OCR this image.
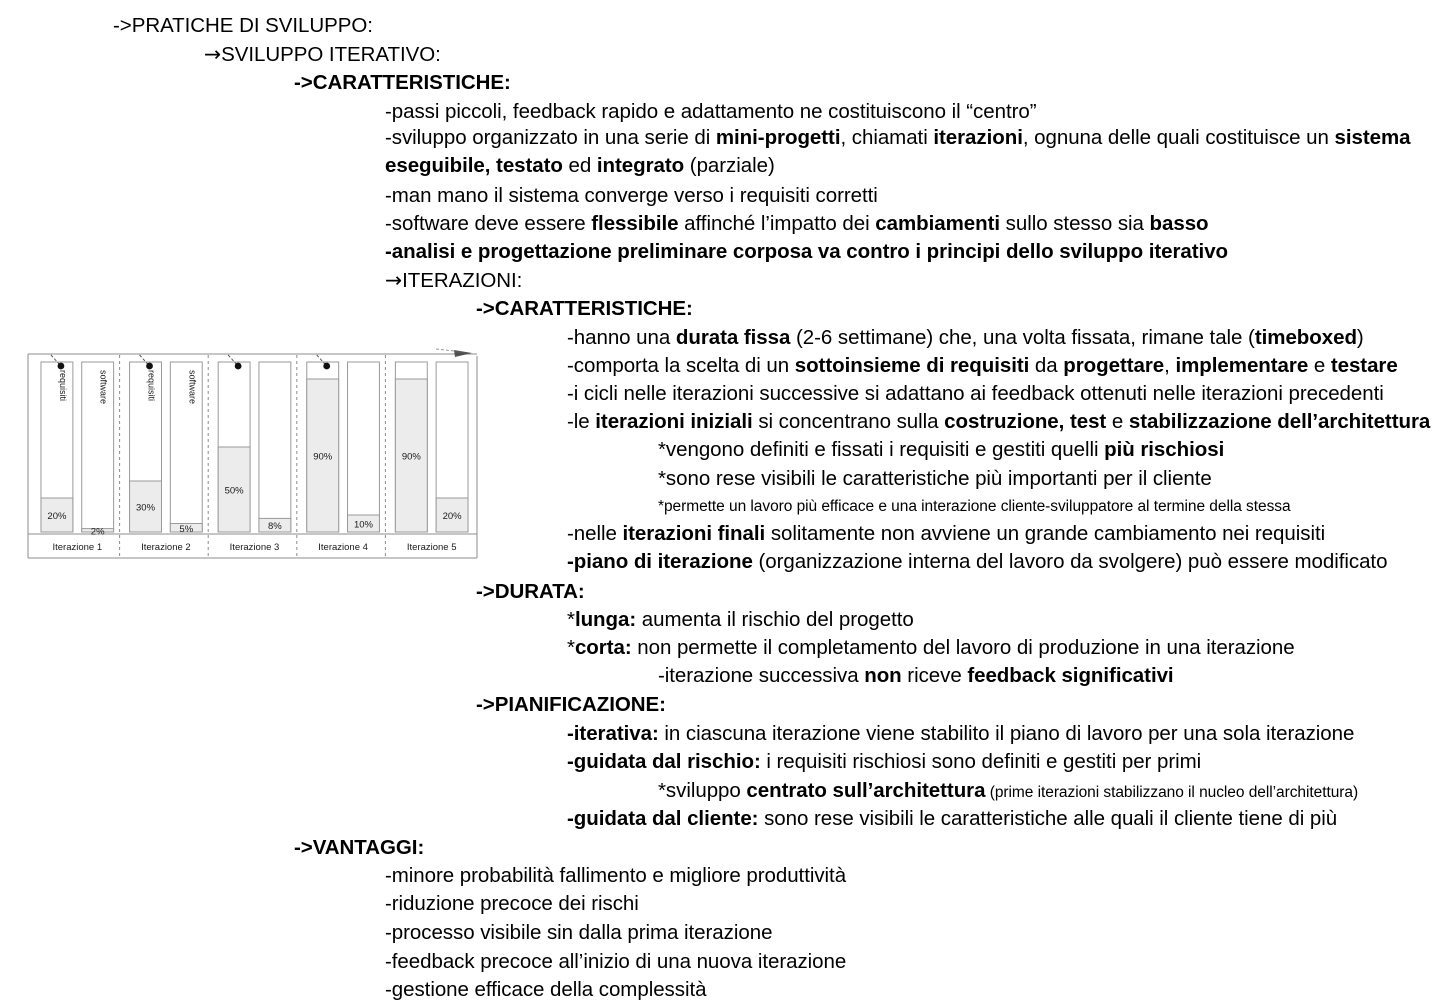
->PRATICHE DI SVILUPPO:
→SVILUPPO ITERATIVO:
->CARATTERISTICHE:
-passi piccoli, feedback rapido e adattamento ne costituiscono il “centro”
-sviluppo organizzato in una serie di mini-progetti, chiamati iterazioni, ognuna delle quali costituisce un sistema
eseguibile, testato ed integrato (parziale)
-man mano il sistema converge verso i requisiti corretti
-software deve essere flessibile affinché l’impatto dei cambiamenti sullo stesso sia basso
-analisi e progettazione preliminare corposa va contro i principi dello sviluppo iterativo
→ITERAZIONI:
->CARATTERISTICHE:
-hanno una durata fissa (2-6 settimane) che, una volta fissata, rimane tale (timeboxed)
-comporta la scelta di un sottoinsieme di requisiti da progettare, implementare e testare
-i cicli nelle iterazioni successive si adattano ai feedback ottenuti nelle iterazioni precedenti
-le iterazioni iniziali si concentrano sulla costruzione, test e stabilizzazione dell’architettura
*vengono definiti e fissati i requisiti e gestiti quelli più rischiosi
*sono rese visibili le caratteristiche più importanti per il cliente
*permette un lavoro più efficace e una interazione cliente-sviluppatore al termine della stessa
-nelle iterazioni finali solitamente non avviene un grande cambiamento nei requisiti
-piano di iterazione (organizzazione interna del lavoro da svolgere) può essere modificato
->DURATA:
*lunga: aumenta il rischio del progetto
*corta: non permette il completamento del lavoro di produzione in una iterazione
-iterazione successiva non riceve feedback significativi
->PIANIFICAZIONE:
-iterativa: in ciascuna iterazione viene stabilito il piano di lavoro per una sola iterazione
-guidata dal rischio: i requisiti rischiosi sono definiti e gestiti per primi
*sviluppo centrato sull’architettura (prime iterazioni stabilizzano il nucleo dell’architettura)
-guidata dal cliente: sono rese visibili le caratteristiche alle quali il cliente tiene di più
->VANTAGGI:
-minore probabilità fallimento e migliore produttività
-riduzione precoce dei rischi
-processo visibile sin dalla prima iterazione
-feedback precoce all’inizio di una nuova iterazione
-gestione efficace della complessità
20%
requisiti
2%
software
Iterazione 1
30%
requisiti
5%
software
Iterazione 2
50%
8%
Iterazione 3
90%
10%
Iterazione 4
90%
20%
Iterazione 5
